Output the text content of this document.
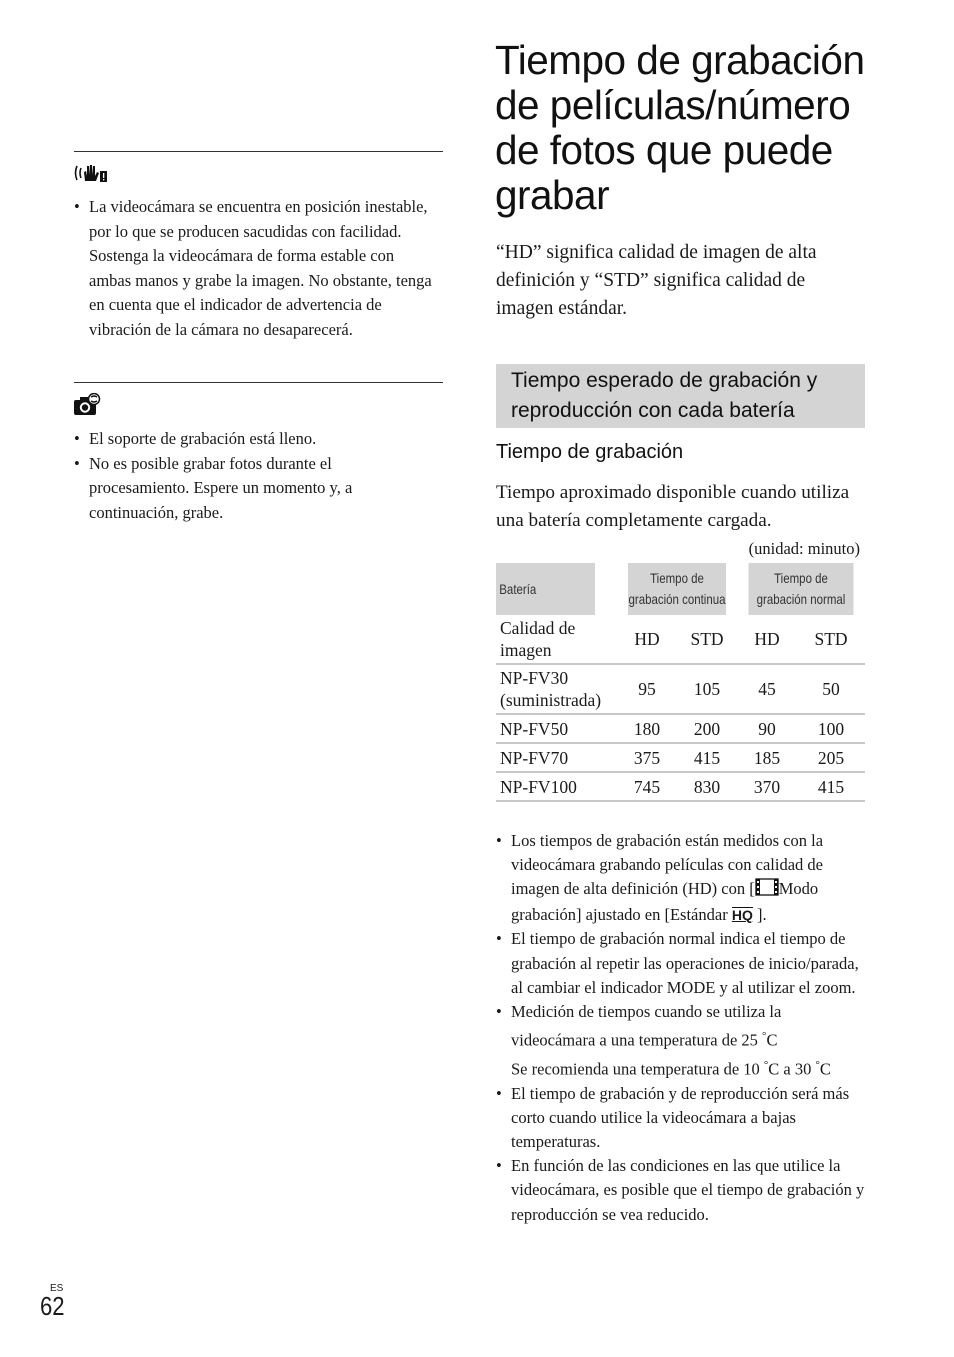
• La videocámara se encuentra en posición inestable, por lo que se producen sacudidas con facilidad. Sostenga la videocámara de forma estable con ambas manos y grabe la imagen. No obstante, tenga en cuenta que el indicador de advertencia de vibración de la cámara no desaparecerá.
• El soporte de grabación está lleno.
• No es posible grabar fotos durante el procesamiento. Espere un momento y, a continuación, grabe.
Tiempo de grabación de películas/número de fotos que puede grabar
“HD” significa calidad de imagen de alta definición y “STD” significa calidad de imagen estándar.
Tiempo esperado de grabación y reproducción con cada batería
Tiempo de grabación
Tiempo aproximado disponible cuando utiliza una batería completamente cargada.
(unidad: minuto)
Batería	Tiempo de grabación continua		Tiempo de grabación normal	
Calidad de imagen	HD	STD	HD	STD
NP-FV30 (suministrada)	95	105	45	50
NP-FV50	180	200	90	100
NP-FV70	375	415	185	205
NP-FV100	745	830	370	415
• Los tiempos de grabación están medidos con la videocámara grabando películas con calidad de imagen de alta definición (HD) con [ Modo grabación] ajustado en [Estándar HQ ].
• El tiempo de grabación normal indica el tiempo de grabación al repetir las operaciones de inicio/parada, al cambiar el indicador MODE y al utilizar el zoom.
• Medición de tiempos cuando se utiliza la videocámara a una temperatura de 25 °C
Se recomienda una temperatura de 10 °C a 30 °C
• El tiempo de grabación y de reproducción será más corto cuando utilice la videocámara a bajas temperaturas.
• En función de las condiciones en las que utilice la videocámara, es posible que el tiempo de grabación y reproducción se vea reducido.
ES
62
